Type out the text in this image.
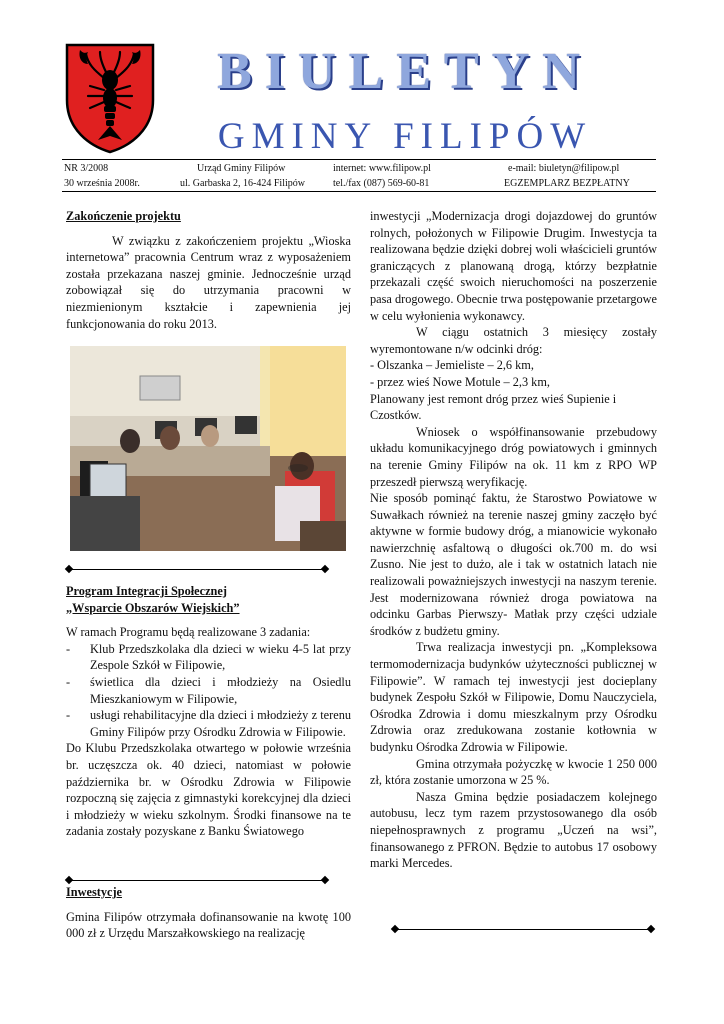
BIULETYN
GMINY FILIPÓW
NR 3/2008
30 września 2008r.
Urząd Gminy Filipów
ul. Garbaska 2, 16-424 Filipów
internet: www.filipow.pl
tel./fax (087) 569-60-81
e-mail: biuletyn@filipow.pl
EGZEMPLARZ BEZPŁATNY

Zakończenie projektu

W związku z zakończeniem projektu „Wioska internetowa” pracownia Centrum wraz z wyposażeniem została przekazana naszej gminie. Jednocześnie urząd zobowiązał się do utrzymania pracowni w niezmienionym kształcie i zapewnienia jej funkcjonowania do roku 2013.

Program Integracji Społecznej

„Wsparcie Obszarów Wiejskich”

W ramach Programu będą realizowane 3 zadania:

- Klub Przedszkolaka dla dzieci w wieku 4-5 lat przy Zespole Szkół w Filipowie,
- świetlica dla dzieci i młodzieży na Osiedlu Mieszkaniowym w Filipowie,
- usługi rehabilitacyjne dla dzieci i młodzieży z terenu Gminy Filipów przy Ośrodku Zdrowia w Filipowie.

Do Klubu Przedszkolaka otwartego w połowie września br. uczęszcza ok. 40 dzieci, natomiast w połowie października br. w Ośrodku Zdrowia w Filipowie rozpoczną się zajęcia z gimnastyki korekcyjnej dla dzieci i młodzieży w wieku szkolnym. Środki finansowe na te zadania zostały pozyskane z Banku Światowego

Inwestycje

Gmina Filipów otrzymała dofinansowanie na kwotę 100 000 zł z Urzędu Marszałkowskiego na realizację

inwestycji „Modernizacja drogi dojazdowej do gruntów rolnych, położonych w Filipowie Drugim. Inwestycja ta realizowana będzie dzięki dobrej woli właścicieli gruntów graniczących z planowaną drogą, którzy bezpłatnie przekazali część swoich nieruchomości na poszerzenie pasa drogowego. Obecnie trwa postępowanie przetargowe w celu wyłonienia wykonawcy.

W ciągu ostatnich 3 miesięcy zostały wyremontowane n/w odcinki dróg:

- Olszanka – Jemieliste – 2,6 km,

- przez wieś Nowe Motule – 2,3 km,

Planowany jest remont dróg przez wieś Supienie i Czostków.

Wniosek o współfinansowanie przebudowy układu komunikacyjnego dróg powiatowych i gminnych na terenie Gminy Filipów na ok. 11 km z RPO WP przeszedł pierwszą weryfikację.

Nie sposób pominąć faktu, że Starostwo Powiatowe w Suwałkach również na terenie naszej gminy zaczęło być aktywne w formie budowy dróg, a mianowicie wykonało nawierzchnię asfaltową o długości ok.700 m. do wsi Zusno. Nie jest to dużo, ale i tak w ostatnich latach nie realizowali poważniejszych inwestycji na naszym terenie. Jest modernizowana również droga powiatowa na odcinku Garbas Pierwszy- Matłak przy części udziale środków z budżetu gminy.

Trwa realizacja inwestycji pn. „Kompleksowa termomodernizacja budynków użyteczności publicznej w Filipowie”. W ramach tej inwestycji jest docieplany budynek Zespołu Szkół w Filipowie, Domu Nauczyciela, Ośrodka Zdrowia i domu mieszkalnym przy Ośrodku Zdrowia oraz zredukowana zostanie kotłownia w budynku Ośrodka Zdrowia w Filipowie.

Gmina otrzymała pożyczkę w kwocie 1 250 000 zł, która zostanie umorzona w 25 %.

Nasza Gmina będzie posiadaczem kolejnego autobusu, lecz tym razem przystosowanego dla osób niepełnosprawnych z programu „Uczeń na wsi”, finansowanego z PFRON. Będzie to autobus 17 osobowy marki Mercedes.
